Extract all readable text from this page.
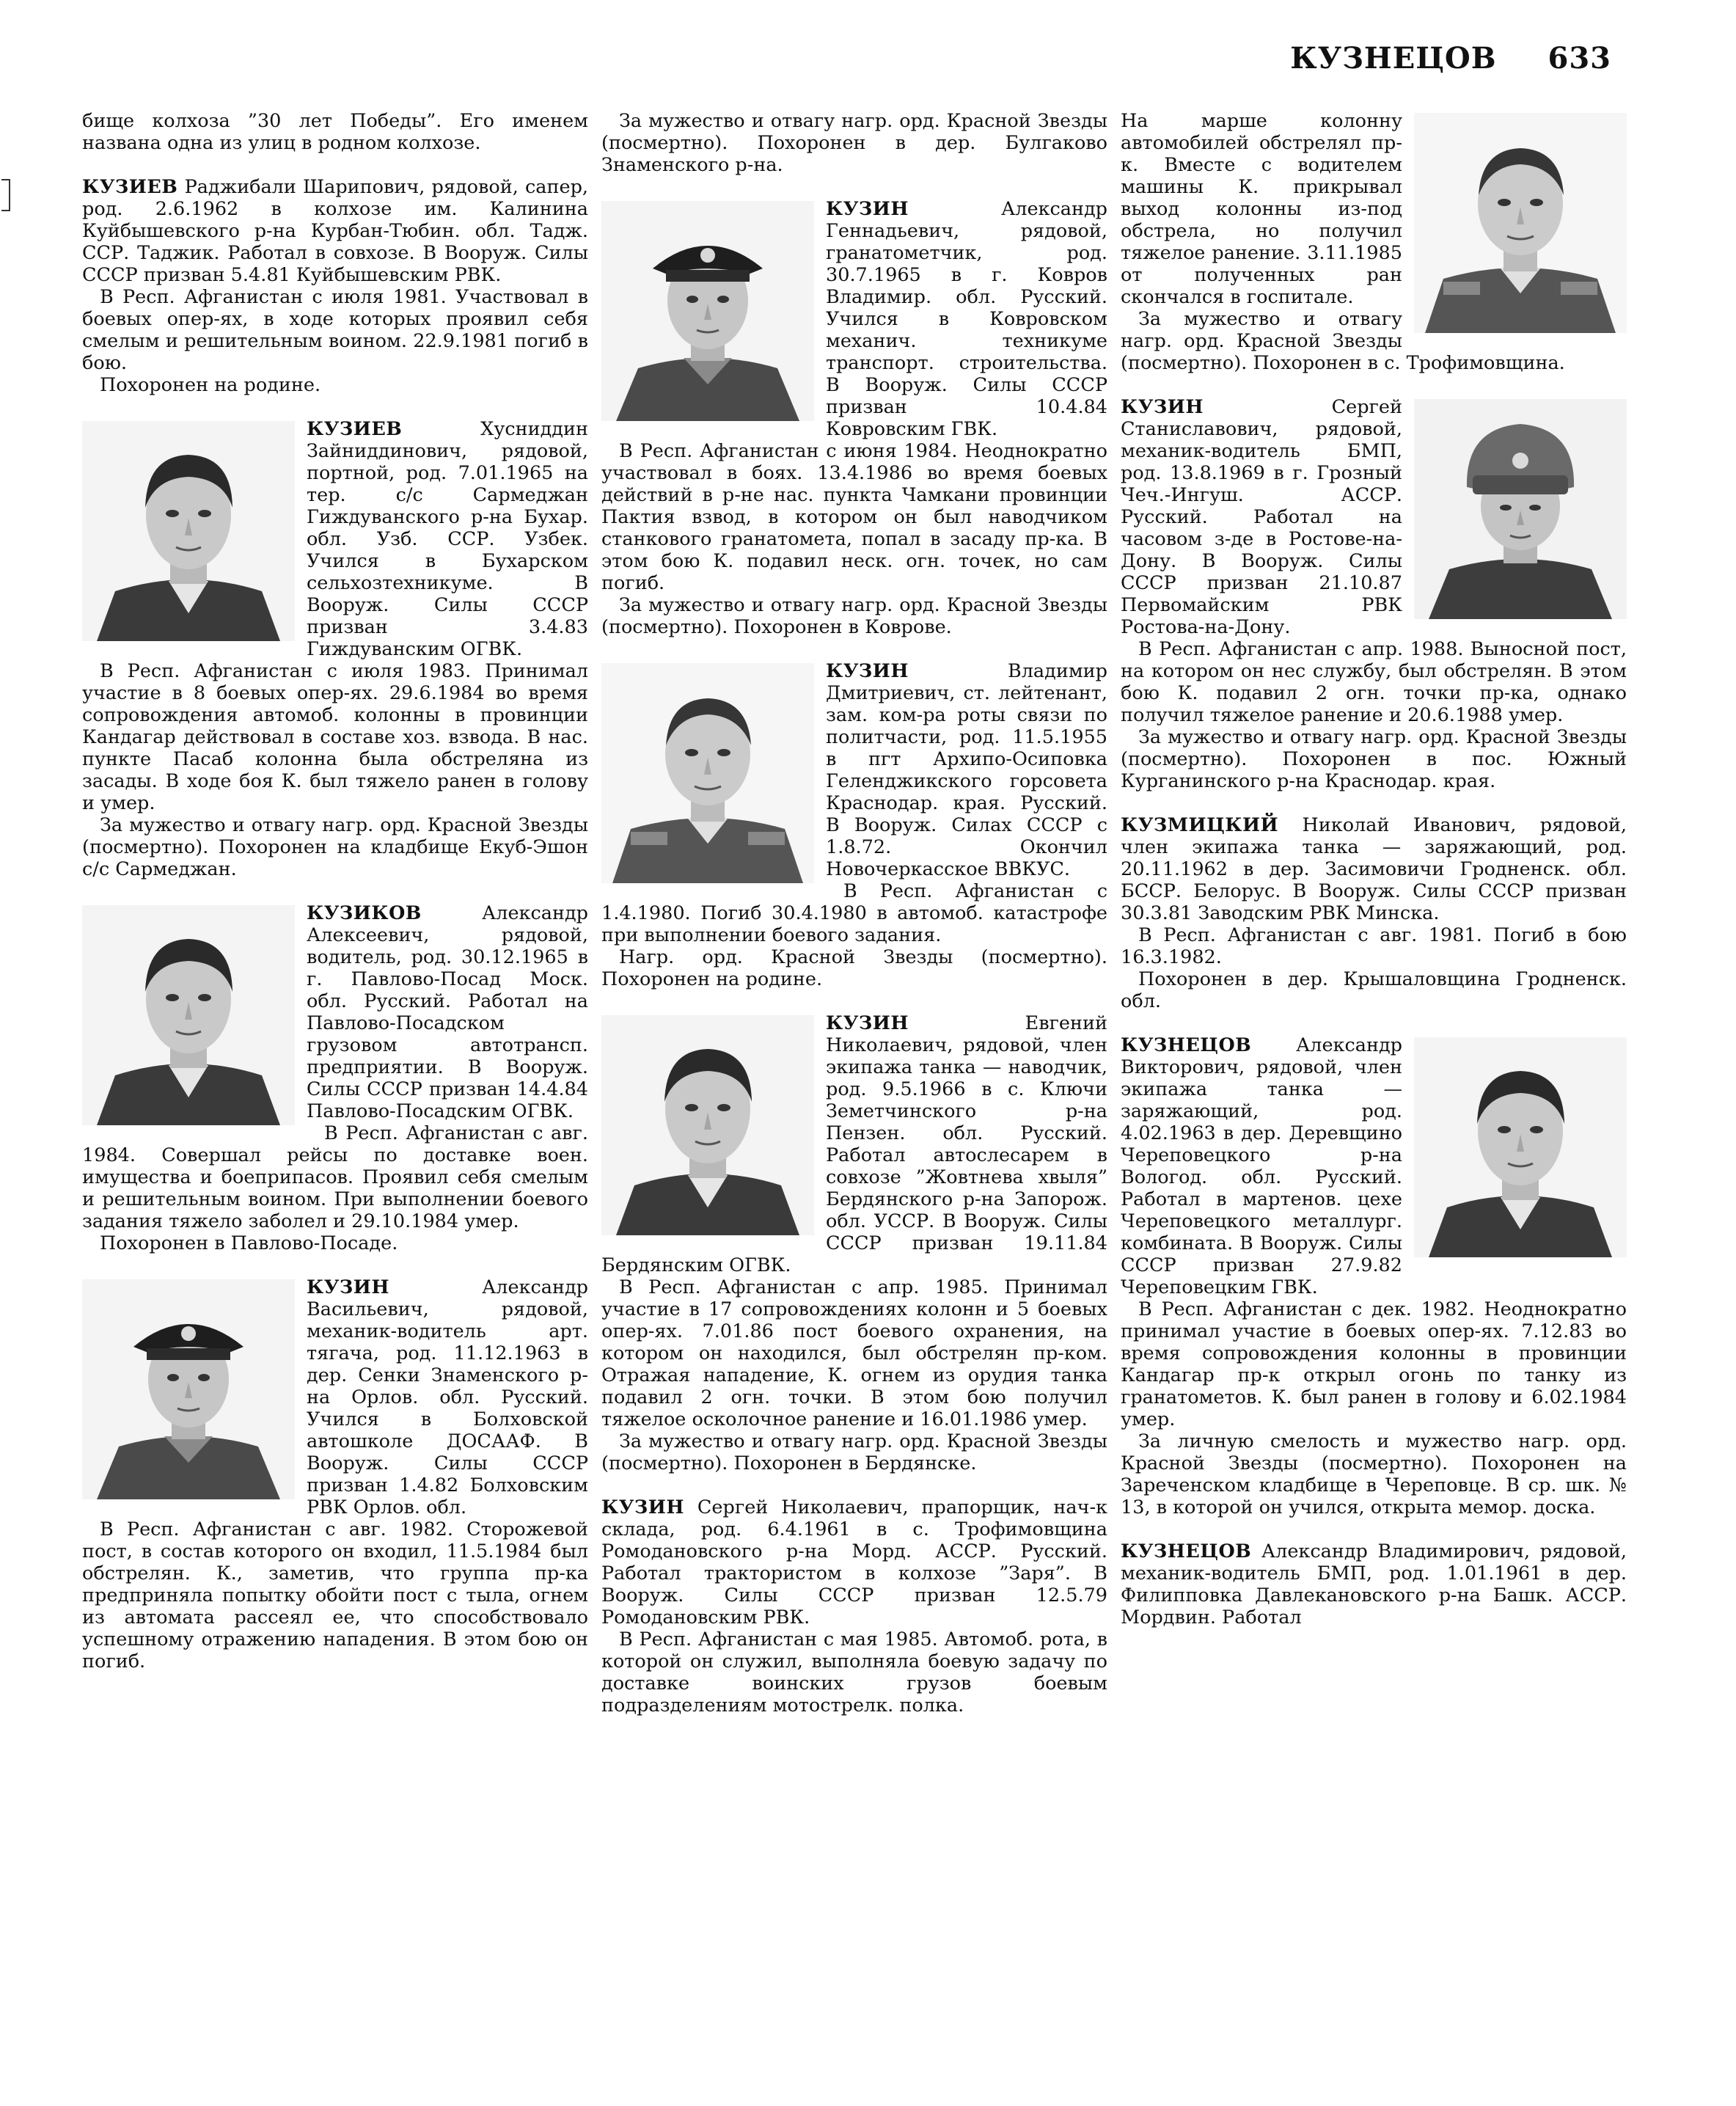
КУЗНЕЦОВ 633

бище колхоза ”30 лет Победы”. Его именем названа одна из улиц в родном колхозе.

КУЗИЕВ Раджибали Шарипович, рядовой, сапер, род. 2.6.1962 в колхозе им. Калинина Куйбышевского р-на Курбан-Тюбин. обл. Тадж. ССР. Таджик. Работал в совхозе. В Вооруж. Силы СССР призван 5.4.81 Куйбышевским РВК.

В Респ. Афганистан с июля 1981. Участвовал в боевых опер-ях, в ходе которых проявил себя смелым и решительным воином. 22.9.1981 погиб в бою.

Похоронен на родине.

КУЗИЕВ Хусниддин Зайниддинович, рядовой, портной, род. 7.01.1965 на тер. с/с Сармеджан Гиждуванского р-на Бухар. обл. Узб. ССР. Узбек. Учился в Бухарском сельхозтехникуме. В Вооруж. Силы СССР призван 3.4.83 Гиждуванским ОГВК.

В Респ. Афганистан с июля 1983. Принимал участие в 8 боевых опер-ях. 29.6.1984 во время сопровождения автомоб. колонны в провинции Кандагар действовал в составе хоз. взвода. В нас. пункте Пасаб колонна была обстреляна из засады. В ходе боя К. был тяжело ранен в голову и умер.

За мужество и отвагу нагр. орд. Красной Звезды (посмертно). Похоронен на кладбище Екуб-Эшон с/с Сармеджан.

КУЗИКОВ Александр Алексеевич, рядовой, водитель, род. 30.12.1965 в г. Павлово-Посад Моск. обл. Русский. Работал на Павлово-Посадском грузовом автотрансп. предприятии. В Вооруж. Силы СССР призван 14.4.84 Павлово-Посадским ОГВК.

В Респ. Афганистан с авг. 1984. Совершал рейсы по доставке воен. имущества и боеприпасов. Проявил себя смелым и решительным воином. При выполнении боевого задания тяжело заболел и 29.10.1984 умер.

Похоронен в Павлово-Посаде.

КУЗИН Александр Васильевич, рядовой, механик-водитель арт. тягача, род. 11.12.1963 в дер. Сенки Знаменского р-на Орлов. обл. Русский. Учился в Болховской автошколе ДОСААФ. В Вооруж. Силы СССР призван 1.4.82 Болховским РВК Орлов. обл.

В Респ. Афганистан с авг. 1982. Сторожевой пост, в состав которого он входил, 11.5.1984 был обстрелян. К., заметив, что группа пр-ка предприняла попытку обойти пост с тыла, огнем из автомата рассеял ее, что способствовало успешному отражению нападения. В этом бою он погиб.

За мужество и отвагу нагр. орд. Красной Звезды (посмертно). Похоронен в дер. Булгаково Знаменского р-на.

КУЗИН Александр Геннадьевич, рядовой, гранатометчик, род. 30.7.1965 в г. Ковров Владимир. обл. Русский. Учился в Ковровском механич. техникуме транспорт. строительства. В Вооруж. Силы СССР призван 10.4.84 Ковровским ГВК.

В Респ. Афганистан с июня 1984. Неоднократно участвовал в боях. 13.4.1986 во время боевых действий в р-не нас. пункта Чамкани провинции Пактия взвод, в котором он был наводчиком станкового гранатомета, попал в засаду пр-ка. В этом бою К. подавил неск. огн. точек, но сам погиб.

За мужество и отвагу нагр. орд. Красной Звезды (посмертно). Похоронен в Коврове.

КУЗИН Владимир Дмитриевич, ст. лейтенант, зам. ком-ра роты связи по политчасти, род. 11.5.1955 в пгт Архипо-Осиповка Геленджикского горсовета Краснодар. края. Русский. В Вооруж. Силах СССР с 1.8.72. Окончил Новочеркасское ВВКУС.

В Респ. Афганистан с 1.4.1980. Погиб 30.4.1980 в автомоб. катастрофе при выполнении боевого задания.

Нагр. орд. Красной Звезды (посмертно). Похоронен на родине.

КУЗИН Евгений Николаевич, рядовой, член экипажа танка — наводчик, род. 9.5.1966 в с. Ключи Земетчинского р-на Пензен. обл. Русский. Работал автослесарем в совхозе ”Жовтнева хвыля” Бердянского р-на Запорож. обл. УССР. В Вооруж. Силы СССР призван 19.11.84 Бердянским ОГВК.

В Респ. Афганистан с апр. 1985. Принимал участие в 17 сопровождениях колонн и 5 боевых опер-ях. 7.01.86 пост боевого охранения, на котором он находился, был обстрелян пр-ком. Отражая нападение, К. огнем из орудия танка подавил 2 огн. точки. В этом бою получил тяжелое осколочное ранение и 16.01.1986 умер.

За мужество и отвагу нагр. орд. Красной Звезды (посмертно). Похоронен в Бердянске.

КУЗИН Сергей Николаевич, прапорщик, нач-к склада, род. 6.4.1961 в с. Трофимовщина Ромодановского р-на Морд. АССР. Русский. Работал трактористом в колхозе ”Заря”. В Вооруж. Силы СССР призван 12.5.79 Ромодановским РВК.

В Респ. Афганистан с мая 1985. Автомоб. рота, в которой он служил, выполняла боевую задачу по доставке воинских грузов боевым подразделениям мотострелк. полка.

На марше колонну автомобилей обстрелял пр-к. Вместе с водителем машины К. прикрывал выход колонны из-под обстрела, но получил тяжелое ранение. 3.11.1985 от полученных ран скончался в госпитале.

За мужество и отвагу нагр. орд. Красной Звезды (посмертно). Похоронен в с. Трофимовщина.

КУЗИН Сергей Станиславович, рядовой, механик-водитель БМП, род. 13.8.1969 в г. Грозный Чеч.-Ингуш. АССР. Русский. Работал на часовом з-де в Ростове-на-Дону. В Вооруж. Силы СССР призван 21.10.87 Первомайским РВК Ростова-на-Дону.

В Респ. Афганистан с апр. 1988. Выносной пост, на котором он нес службу, был обстрелян. В этом бою К. подавил 2 огн. точки пр-ка, однако получил тяжелое ранение и 20.6.1988 умер.

За мужество и отвагу нагр. орд. Красной Звезды (посмертно). Похоронен в пос. Южный Курганинского р-на Краснодар. края.

КУЗМИЦКИЙ Николай Иванович, рядовой, член экипажа танка — заряжающий, род. 20.11.1962 в дер. Засимовичи Гродненск. обл. БССР. Белорус. В Вооруж. Силы СССР призван 30.3.81 Заводским РВК Минска.

В Респ. Афганистан с авг. 1981. Погиб в бою 16.3.1982.

Похоронен в дер. Крышаловщина Гродненск. обл.

КУЗНЕЦОВ Александр Викторович, рядовой, член экипажа танка — заряжающий, род. 4.02.1963 в дер. Деревщино Череповецкого р-на Вологод. обл. Русский. Работал в мартенов. цехе Череповецкого металлург. комбината. В Вооруж. Силы СССР призван 27.9.82 Череповецким ГВК.

В Респ. Афганистан с дек. 1982. Неоднократно принимал участие в боевых опер-ях. 7.12.83 во время сопровождения колонны в провинции Кандагар пр-к открыл огонь по танку из гранатометов. К. был ранен в голову и 6.02.1984 умер.

За личную смелость и мужество нагр. орд. Красной Звезды (посмертно). Похоронен на Зареченском кладбище в Череповце. В ср. шк. № 13, в которой он учился, открыта мемор. доска.

КУЗНЕЦОВ Александр Владимирович, рядовой, механик-водитель БМП, род. 1.01.1961 в дер. Филипповка Давлекановского р-на Башк. АССР. Мордвин. Работал
